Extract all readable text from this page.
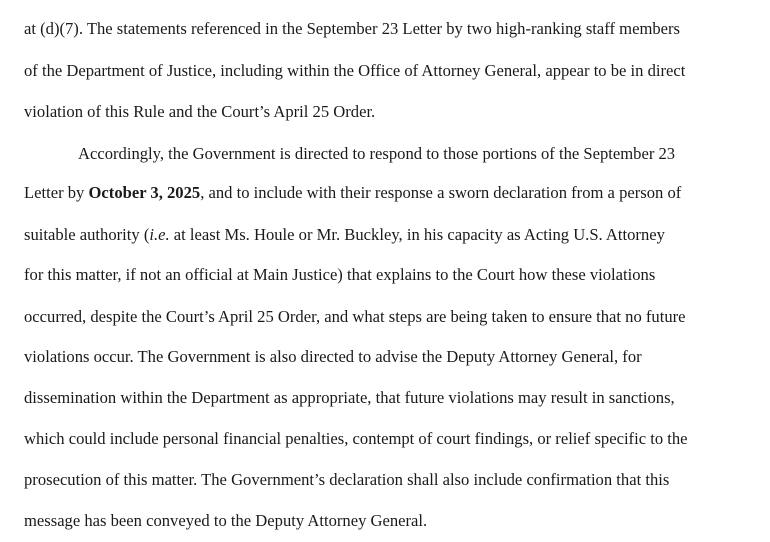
at (d)(7). The statements referenced in the September 23 Letter by two high-ranking staff members
of the Department of Justice, including within the Office of Attorney General, appear to be in direct
violation of this Rule and the Court’s April 25 Order.
Accordingly, the Government is directed to respond to those portions of the September 23
Letter by October 3, 2025, and to include with their response a sworn declaration from a person of
suitable authority (i.e. at least Ms. Houle or Mr. Buckley, in his capacity as Acting U.S. Attorney
for this matter, if not an official at Main Justice) that explains to the Court how these violations
occurred, despite the Court’s April 25 Order, and what steps are being taken to ensure that no future
violations occur. The Government is also directed to advise the Deputy Attorney General, for
dissemination within the Department as appropriate, that future violations may result in sanctions,
which could include personal financial penalties, contempt of court findings, or relief specific to the
prosecution of this matter. The Government’s declaration shall also include confirmation that this
message has been conveyed to the Deputy Attorney General.
